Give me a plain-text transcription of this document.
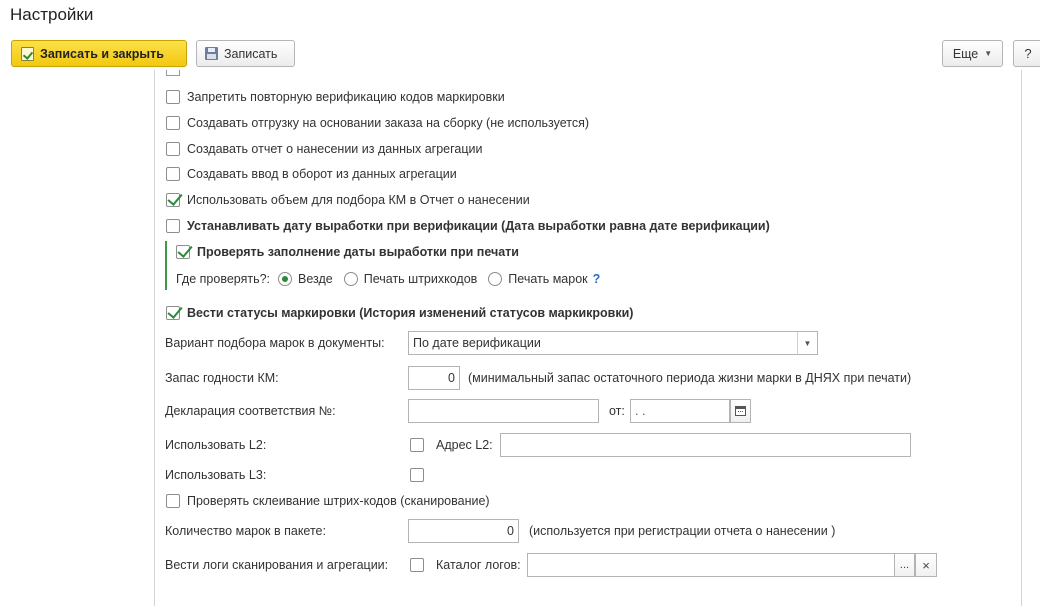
Настройки
Записать и закрыть	Записать	Еще ▼	?
Запретить повторную верификацию кодов маркировки
Создавать отгрузку на основании заказа на сборку (не используется)
Создавать отчет о нанесении из данных агрегации
Создавать ввод в оборот из данных агрегации
Использовать объем для подбора КМ в Отчет о нанесении
Устанавливать дату выработки при верификации (Дата выработки равна дате верификации)
Проверять заполнение даты выработки при печати
Где проверять?: Везде Печать штрихкодов Печать марок ?
Вести статусы маркировки (История изменений статусов маркикровки)
Вариант подбора марок в документы: По дате верификации	▼
Запас годности КМ:	0	(минимальный запас остаточного периода жизни марки в ДНЯХ при печати)
Декларация соответствия №:	от: . .
Использовать L2:	Адрес L2:
Использовать L3:
Проверять склеивание штрих-кодов (сканирование)
Количество марок в пакете:	0	(используется при регистрации отчета о нанесении )
Вести логи сканирования и агрегации:	Каталог логов:	...	×
